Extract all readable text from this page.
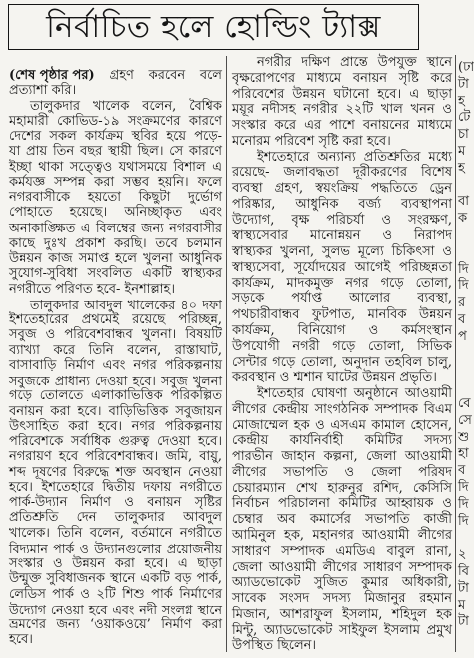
নির্বাচিত হলে হোল্ডিং ট্যাক্স
(শেষ পৃষ্ঠার পর) গ্রহণ করবেন বলে
প্রত্যাশা করি।
তালুকদার খালেক বলেন, বৈশ্বিক
মহামারী কোভিড-১৯ সংক্রমণের কারণে
দেশের সকল কার্যক্রম স্থবির হয়ে পড়ে-
যা প্রায় তিন বছর স্থায়ী ছিল। সে কারণে
ইচ্ছা থাকা সত্ত্বেও যথাসময়ে বিশাল এ
কর্মযজ্ঞ সম্পন্ন করা সম্ভব হয়নি। ফলে
নগরবাসীকে হয়তো কিছুটা দুর্ভোগ
পোহাতে হয়েছে। অনিচ্ছাকৃত এবং
অনাকাঙ্ক্ষিত এ বিলম্বের জন্য নগরবাসীর
কাছে দুঃখ প্রকাশ করছি। তবে চলমান
উন্নয়ন কাজ সমাপ্ত হলে খুলনা আধুনিক
সুযোগ-সুবিধা সংবলিত একটি স্বাস্থ্যকর
নগরীতে পরিণত হবে- ইনশাল্লাহ।
তালুকদার আবদুল খালেকের ৪০ দফা
ইশতেহারের প্রথমেই রয়েছে পরিচ্ছন্ন,
সবুজ ও পরিবেশবান্ধব খুলনা। বিষয়টি
ব্যাখ্যা করে তিনি বলেন, রাস্তাঘাট,
বাসাবাড়ি নির্মাণ এবং নগর পরিকল্পনায়
সবুজকে প্রাধান্য দেওয়া হবে। সবুজ খুলনা
গড়ে তোলতে এলাকাভিত্তিক পরিকল্পিত
বনায়ন করা হবে। বাড়িভিত্তিক সবুজায়ন
উৎসাহিত করা হবে। নগর পরিকল্পনায়
পরিবেশকে সর্বাধিক গুরুত্ব দেওয়া হবে।
নগরায়ণ হবে পরিবেশবান্ধব। জমি, বায়ু,
শব্দ দূষণের বিরুদ্ধে শক্ত অবস্থান নেওয়া
হবে। ইশতেহারে দ্বিতীয় দফায় নগরীতে
পার্ক-উদ্যান নির্মাণ ও বনায়ন সৃষ্টির
প্রতিশ্রুতি দেন তালুকদার আবদুল
খালেক। তিনি বলেন, বর্তমানে নগরীতে
বিদ্যমান পার্ক ও উদ্যানগুলোর প্রয়োজনীয়
সংস্কার ও উন্নয়ন করা হবে। এ ছাড়া
উন্মুক্ত সুবিধাজনক স্থানে একটি বড় পার্ক,
লেডিস পার্ক ও ২টি শিশু পার্ক নির্মাণের
উদ্যোগ নেওয়া হবে এবং নদী সংলগ্ন স্থানে
ভ্রমণের জন্য ‘ওয়াকওয়ে’ নির্মাণ করা
হবে।
নগরীর দক্ষিণ প্রান্তে উপযুক্ত স্থানে
বৃক্ষরোপণের মাধ্যমে বনায়ন সৃষ্টি করে
পরিবেশের উন্নয়ন ঘটানো হবে। এ ছাড়া
ময়ূর নদীসহ নগরীর ২২টি খাল খনন ও
সংস্কার করে এর পাশে বনায়নের মাধ্যমে
মনোরম পরিবেশ সৃষ্টি করা হবে।
ইশতেহারে অন্যান্য প্রতিশ্রুতির মধ্যে
রয়েছে- জলাবদ্ধতা দূরীকরণের বিশেষ
ব্যবস্থা গ্রহণ, স্বয়ংক্রিয় পদ্ধতিতে ড্রেন
পরিষ্কার, আধুনিক বর্জ্য ব্যবস্থাপনা
উদ্যোগ, বৃক্ষ পরিচর্যা ও সংরক্ষণ,
স্বাস্থ্যসেবার মানোন্নয়ন ও নিরাপদ
স্বাস্থ্যকর খুলনা, সুলভ মূল্যে চিকিৎসা ও
স্বাস্থ্যসেবা, সূর্যোদয়ের আগেই পরিচ্ছন্নতা
কার্যক্রম, মাদকমুক্ত নগর গড়ে তোলা,
সড়কে পর্যাপ্ত আলোর ব্যবস্থা,
পথচারীবান্ধব ফুটপাত, মানবিক উন্নয়ন
কার্যক্রম, বিনিয়োগ ও কর্মসংস্থান
উপযোগী নগরী গড়ে তোলা, সিভিক
সেন্টার গড়ে তোলা, অনুদান তহবিল চালু,
করবস্থান ও শ্মশান ঘাটের উন্নয়ন প্রভৃতি।
ইশতেহার ঘোষণা অনুষ্ঠানে আওয়ামী
লীগের কেন্দ্রীয় সাংগঠনিক সম্পাদক বিএম
মোজাম্মেল হক ও এসএম কামাল হোসেন,
কেন্দ্রীয় কার্যনির্বাহী কমিটির সদস্য
পারভীন জাহান কল্পনা, জেলা আওয়ামী
লীগের সভাপতি ও জেলা পরিষদ
চেয়ারম্যান শেখ হারুনুর রশিদ, কেসিসি
নির্বাচন পরিচালনা কমিটির আহ্বায়ক ও
চেম্বার অব কমার্সের সভাপতি কাজী
আমিনুল হক, মহানগর আওয়ামী লীগের
সাধারণ সম্পাদক এমডিএ বাবুল রানা,
জেলা আওয়ামী লীগের সাধারণ সম্পাদক
অ্যাডভোকেট সুজিত কুমার অধিকারী,
সাবেক সংসদ সদস্য মিজানুর রহমান
মিজান, আশরাফুল ইসলাম, শহিদুল হক
মিন্টু, অ্যাডভোকেট সাইফুল ইসলাম প্রমুখ
উপস্থিত ছিলেন।
(ঢা
টা
হ
টে
চা
ম
হ
বা
ক
দি
দি
র
ব
প
বে
সে
শু
হা
ব
দি
দি
দি
২
বি
টা
ম
টা
